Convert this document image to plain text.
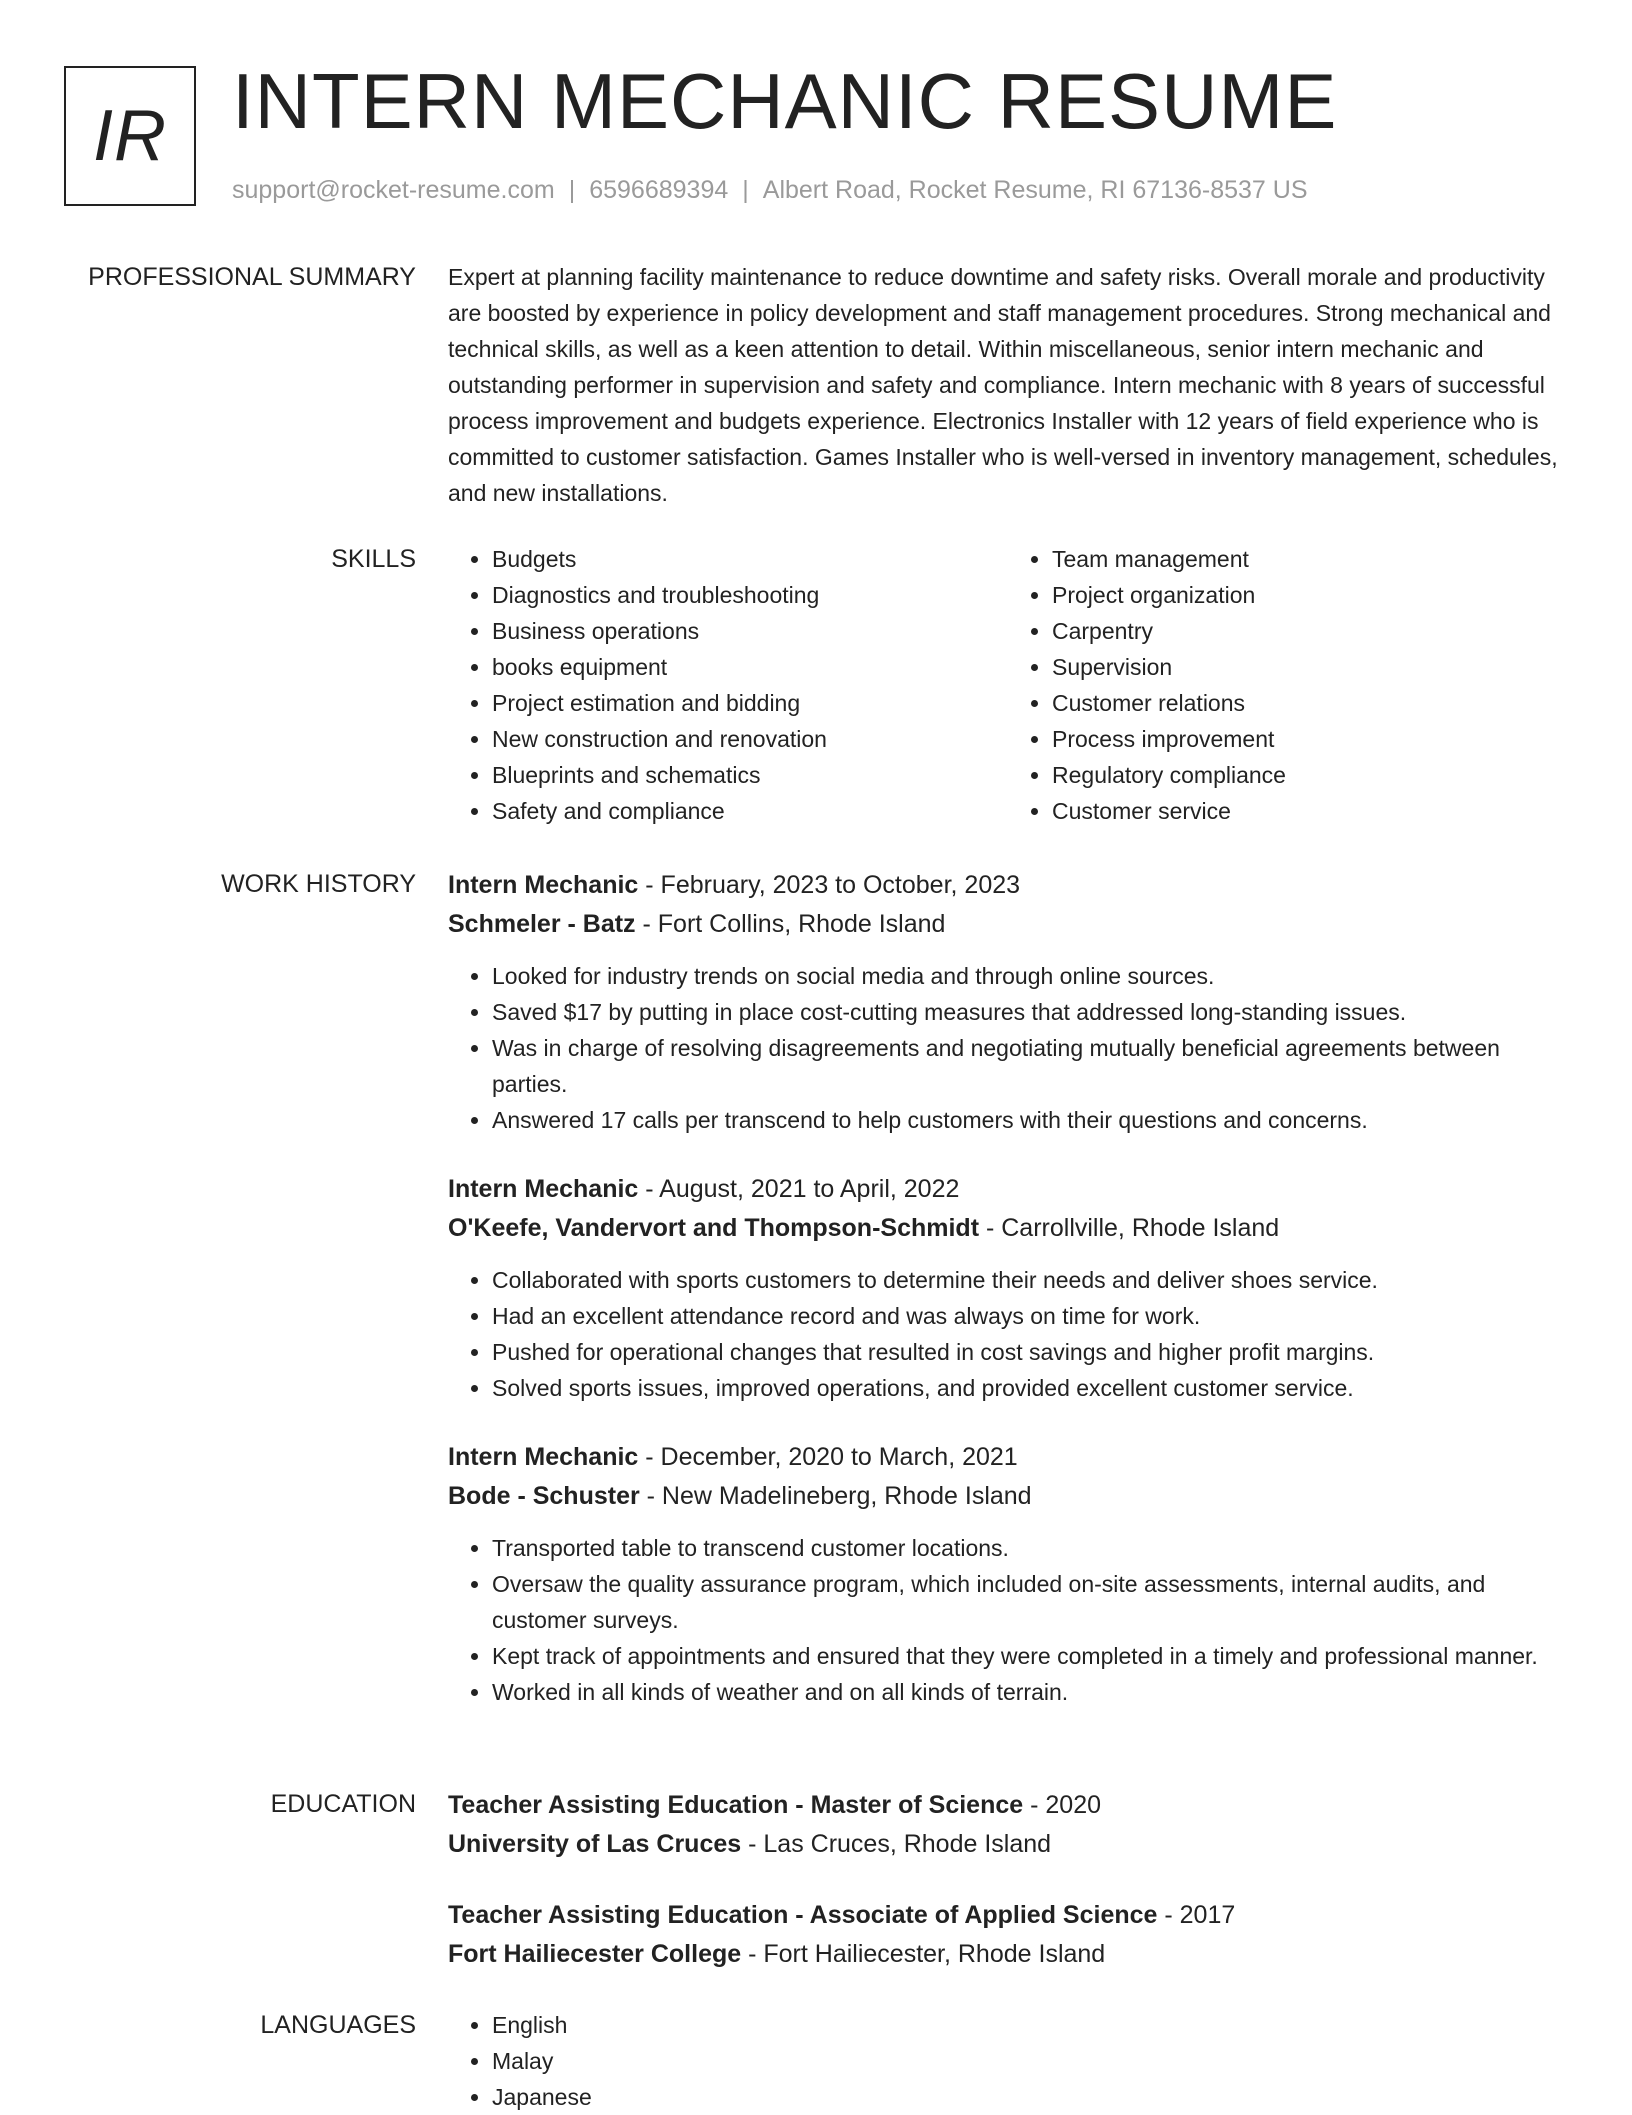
IR INTERN MECHANIC RESUME
support@rocket-resume.com | 6596689394 | Albert Road, Rocket Resume, RI 67136-8537 US
PROFESSIONAL SUMMARY Expert at planning facility maintenance to reduce downtime and safety risks. Overall morale and productivity are boosted by experience in policy development and staff management procedures. Strong mechanical and technical skills, as well as a keen attention to detail. Within miscellaneous, senior intern mechanic and outstanding performer in supervision and safety and compliance. Intern mechanic with 8 years of successful process improvement and budgets experience. Electronics Installer with 12 years of field experience who is committed to customer satisfaction. Games Installer who is well-versed in inventory management, schedules, and new installations.
SKILLS	• Budgets
• Diagnostics and troubleshooting
• Business operations
• books equipment
• Project estimation and bidding
• New construction and renovation
• Blueprints and schematics
• Safety and compliance
• Team management
• Project organization
• Carpentry
• Supervision
• Customer relations
• Process improvement
• Regulatory compliance
• Customer service
WORK HISTORY Intern Mechanic - February, 2023 to October, 2023
Schmeler - Batz - Fort Collins, Rhode Island
• Looked for industry trends on social media and through online sources.
• Saved $17 by putting in place cost-cutting measures that addressed long-standing issues.
• Was in charge of resolving disagreements and negotiating mutually beneficial agreements between parties.
• Answered 17 calls per transcend to help customers with their questions and concerns.
Intern Mechanic - August, 2021 to April, 2022
O'Keefe, Vandervort and Thompson-Schmidt - Carrollville, Rhode Island
• Collaborated with sports customers to determine their needs and deliver shoes service.
• Had an excellent attendance record and was always on time for work.
• Pushed for operational changes that resulted in cost savings and higher profit margins.
• Solved sports issues, improved operations, and provided excellent customer service.
Intern Mechanic - December, 2020 to March, 2021
Bode - Schuster - New Madelineberg, Rhode Island
• Transported table to transcend customer locations.
• Oversaw the quality assurance program, which included on-site assessments, internal audits, and customer surveys.
• Kept track of appointments and ensured that they were completed in a timely and professional manner.
• Worked in all kinds of weather and on all kinds of terrain.
EDUCATION Teacher Assisting Education - Master of Science - 2020
University of Las Cruces - Las Cruces, Rhode Island
Teacher Assisting Education - Associate of Applied Science - 2017
Fort Hailiecester College - Fort Hailiecester, Rhode Island
LANGUAGES	• English
• Malay
• Japanese
